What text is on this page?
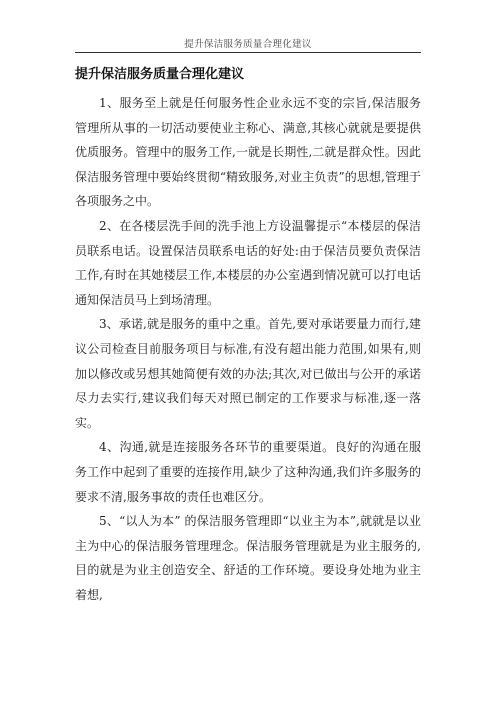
提升保洁服务质量合理化建议
提升保洁服务质量合理化建议

1、服务至上就是任何服务性企业永远不变的宗旨,保洁服务管理所从事的一切活动要使业主称心、满意,其核心就就是要提供优质服务。管理中的服务工作,一就是长期性,二就是群众性。因此保洁服务管理中要始终贯彻“精致服务,对业主负责”的思想,管理于各项服务之中。

2、在各楼层洗手间的洗手池上方设温馨提示“本楼层的保洁员联系电话。设置保洁员联系电话的好处:由于保洁员要负责保洁工作,有时在其她楼层工作,本楼层的办公室遇到情况就可以打电话通知保洁员马上到场清理。

3、承诺,就是服务的重中之重。首先,要对承诺要量力而行,建议公司检查目前服务项目与标准,有没有超出能力范围,如果有,则加以修改或另想其她简便有效的办法;其次,对已做出与公开的承诺尽力去实行,建议我们每天对照已制定的工作要求与标准,逐一落实。

4、沟通,就是连接服务各环节的重要渠道。良好的沟通在服务工作中起到了重要的连接作用,缺少了这种沟通,我们许多服务的要求不清,服务事故的责任也难区分。

5、“以人为本” 的保洁服务管理即“以业主为本”,就就是以业主为中心的保洁服务管理理念。保洁服务管理就是为业主服务的,目的就是为业主创造安全、舒适的工作环境。要设身处地为业主着想,
